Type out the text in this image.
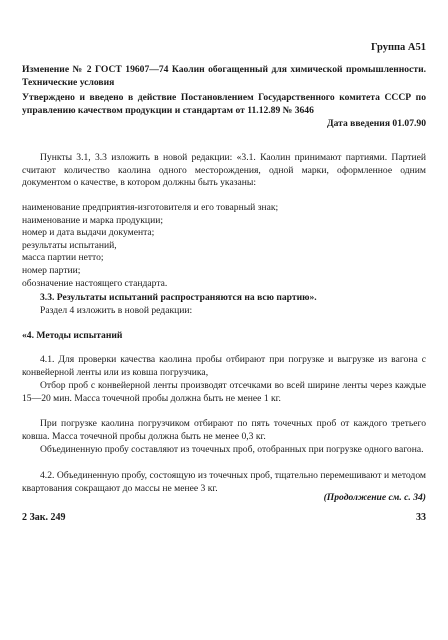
Группа А51
Изменение № 2 ГОСТ 19607—74 Каолин обогащенный для химической промышленности. Технические условия
Утверждено и введено в действие Постановлением Государственного комитета СССР по управлению качеством продукции и стандартам от 11.12.89 № 3646
Дата введения 01.07.90
Пункты 3.1, 3.3 изложить в новой редакции: «3.1. Каолин принимают партиями. Партией считают количество каолина одного месторождения, одной марки, оформленное одним документом о качестве, в котором должны быть указаны:
наименование предприятия-изготовителя и его товарный знак;
наименование и марка продукции;
номер и дата выдачи документа;
результаты испытаний,
масса партии нетто;
номер партии;
обозначение настоящего стандарта.
3.3. Результаты испытаний распространяются на всю партию».
Раздел 4 изложить в новой редакции:
«4. Методы испытаний
4.1. Для проверки качества каолина пробы отбирают при погрузке и выгрузке из вагона с конвейерной ленты или из ковша погрузчика,
Отбор проб с конвейерной ленты производят отсечками во всей ширине ленты через каждые 15—20 мин. Масса точечной пробы должна быть не менее 1 кг.
При погрузке каолина погрузчиком отбирают по пять точечных проб от каждого третьего ковша. Масса точечной пробы должна быть не менее 0,3 кг.
Объединенную пробу составляют из точечных проб, отобранных при погрузке одного вагона.
4.2. Объединенную пробу, состоящую из точечных проб, тщательно перемешивают и методом квартования сокращают до массы не менее 3 кг.
(Продолжение см. с. 34)
2 Зак. 249	33
